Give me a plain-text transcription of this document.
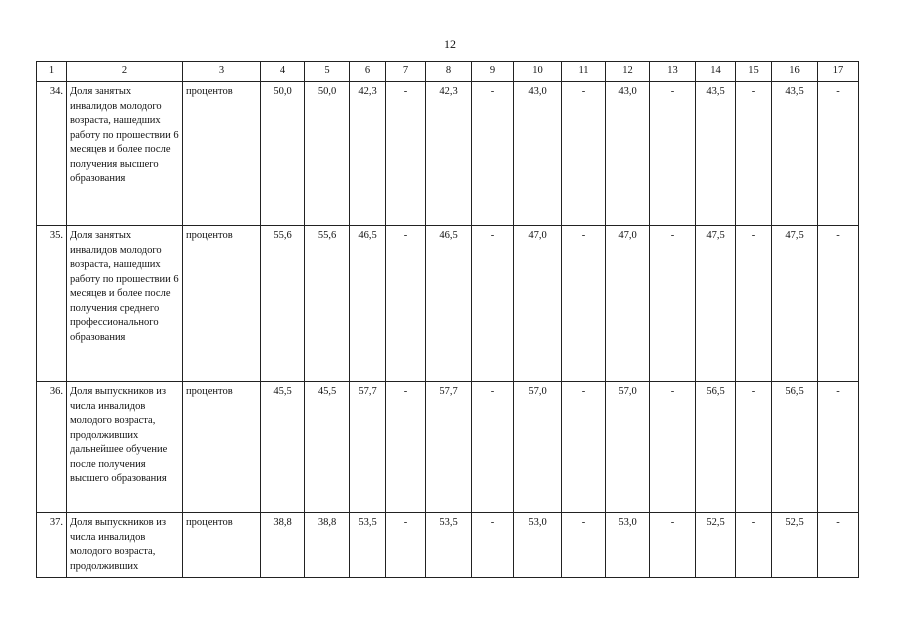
12
1	2	3	4	5	6	7	8	9	10	11	12	13	14	15	16	17
34.	Доля занятых инвалидов молодого возраста, нашедших работу по прошествии 6 месяцев и более после получения высшего образования	процентов	50,0	50,0	42,3	-	42,3	-	43,0	-	43,0	-	43,5	-	43,5	-
35.	Доля занятых инвалидов молодого возраста, нашедших работу по прошествии 6 месяцев и более после получения среднего профессионального образования	процентов	55,6	55,6	46,5	-	46,5	-	47,0	-	47,0	-	47,5	-	47,5	-
36.	Доля выпускников из числа инвалидов молодого возраста, продолживших дальнейшее обучение после получения высшего образования	процентов	45,5	45,5	57,7	-	57,7	-	57,0	-	57,0	-	56,5	-	56,5	-
37.	Доля выпускников из числа инвалидов молодого возраста, продолживших	процентов	38,8	38,8	53,5	-	53,5	-	53,0	-	53,0	-	52,5	-	52,5	-
